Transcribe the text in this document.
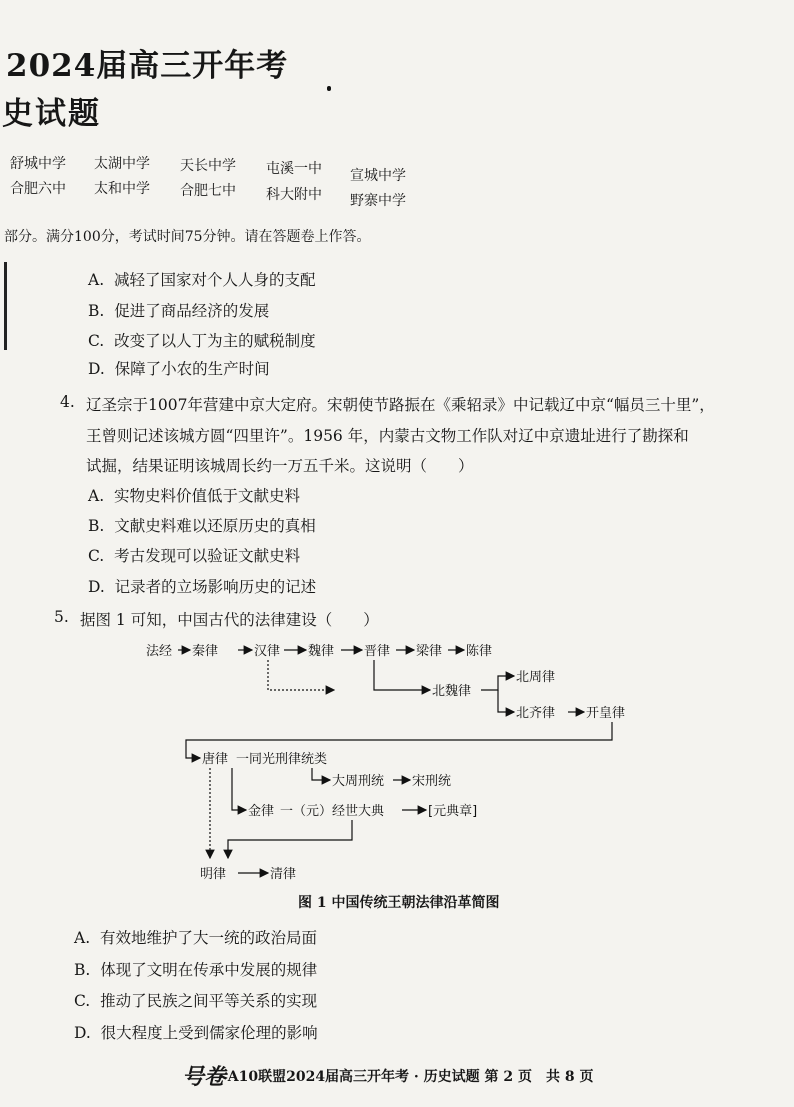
2024届高三开年考
史试题
舒城中学 太湖中学 天长中学 屯溪一中 宣城中学
合肥六中 太和中学 合肥七中 科大附中 野寨中学
部分。满分100分，考试时间75分钟。请在答题卷上作答。
A. 减轻了国家对个人人身的支配
B. 促进了商品经济的发展
C. 改变了以人丁为主的赋税制度
D. 保障了小农的生产时间
4. 辽圣宗于1007年营建中京大定府。宋朝使节路振在《乘轺录》中记载辽中京“幅员三十里”，
王曾则记述该城方圆“四里许”。1956 年，内蒙古文物工作队对辽中京遗址进行了勘探和
试掘，结果证明该城周长约一万五千米。这说明（　　）
A. 实物史料价值低于文献史料
B. 文献史料难以还原历史的真相
C. 考古发现可以验证文献史料
D. 记录者的立场影响历史的记述
5. 据图 1 可知，中国古代的法律建设（　　）
法经 秦律	汉律 魏律 晋律 梁律 陈律
北魏律
北周律
北齐律 开皇律
唐律 一同光刑律统类
大周刑统 宋刑统
金律 一（元）经世大典	[元典章]
明律	清律
图 1 中国传统王朝法律沿革简图
A. 有效地维护了大一统的政治局面
B. 体现了文明在传承中发展的规律
C. 推动了民族之间平等关系的实现
D. 很大程度上受到儒家伦理的影响
号卷
· A10联盟2024届高三开年考 · 历史试题 第 2 页　共 8 页
